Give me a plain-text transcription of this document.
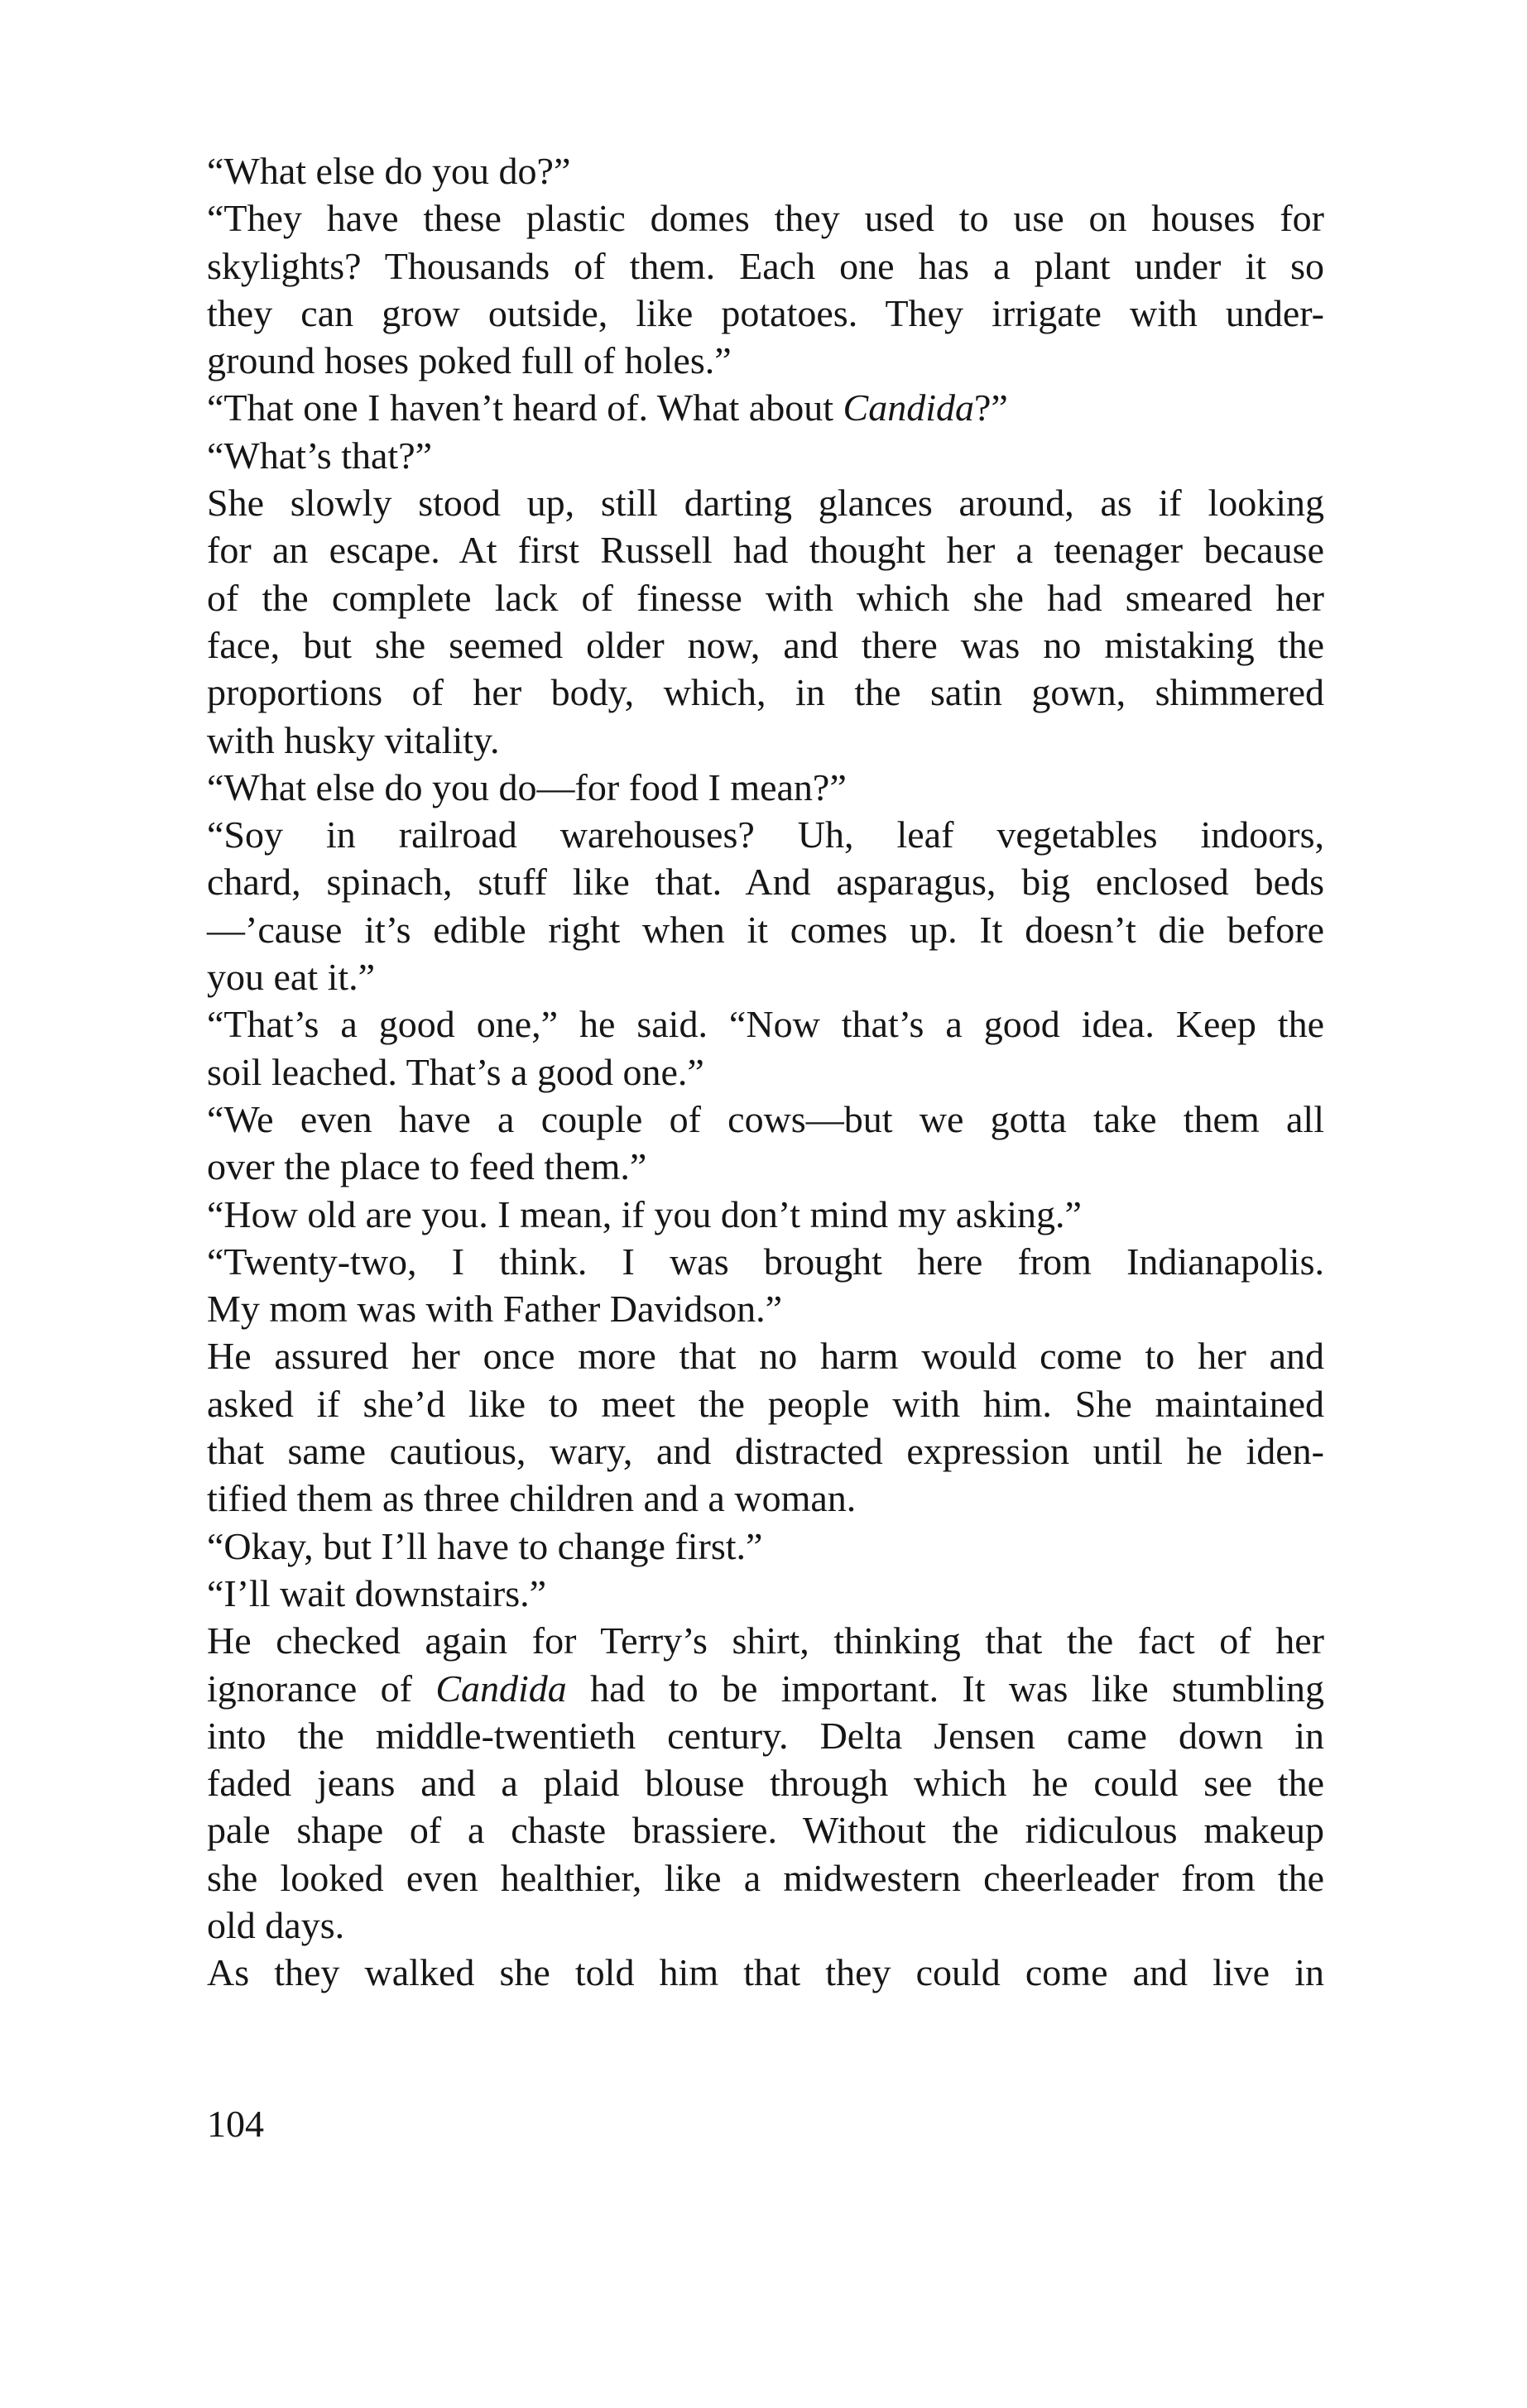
“What else do you do?”
“They have these plastic domes they used to use on houses for
skylights? Thousands of them. Each one has a plant under it so
they can grow outside, like potatoes. They irrigate with under-
ground hoses poked full of holes.”
“That one I haven’t heard of. What about Candida?”
“What’s that?”
She slowly stood up, still darting glances around, as if looking
for an escape. At first Russell had thought her a teenager because
of the complete lack of finesse with which she had smeared her
face, but she seemed older now, and there was no mistaking the
proportions of her body, which, in the satin gown, shimmered
with husky vitality.
“What else do you do—for food I mean?”
“Soy in railroad warehouses? Uh, leaf vegetables indoors,
chard, spinach, stuff like that. And asparagus, big enclosed beds
—’cause it’s edible right when it comes up. It doesn’t die before
you eat it.”
“That’s a good one,” he said. “Now that’s a good idea. Keep the
soil leached. That’s a good one.”
“We even have a couple of cows—but we gotta take them all
over the place to feed them.”
“How old are you. I mean, if you don’t mind my asking.”
“Twenty-two, I think. I was brought here from Indianapolis.
My mom was with Father Davidson.”
He assured her once more that no harm would come to her and
asked if she’d like to meet the people with him. She maintained
that same cautious, wary, and distracted expression until he iden-
tified them as three children and a woman.
“Okay, but I’ll have to change first.”
“I’ll wait downstairs.”
He checked again for Terry’s shirt, thinking that the fact of her
ignorance of Candida had to be important. It was like stumbling
into the middle-twentieth century. Delta Jensen came down in
faded jeans and a plaid blouse through which he could see the
pale shape of a chaste brassiere. Without the ridiculous makeup
she looked even healthier, like a midwestern cheerleader from the
old days.
As they walked she told him that they could come and live in
104
